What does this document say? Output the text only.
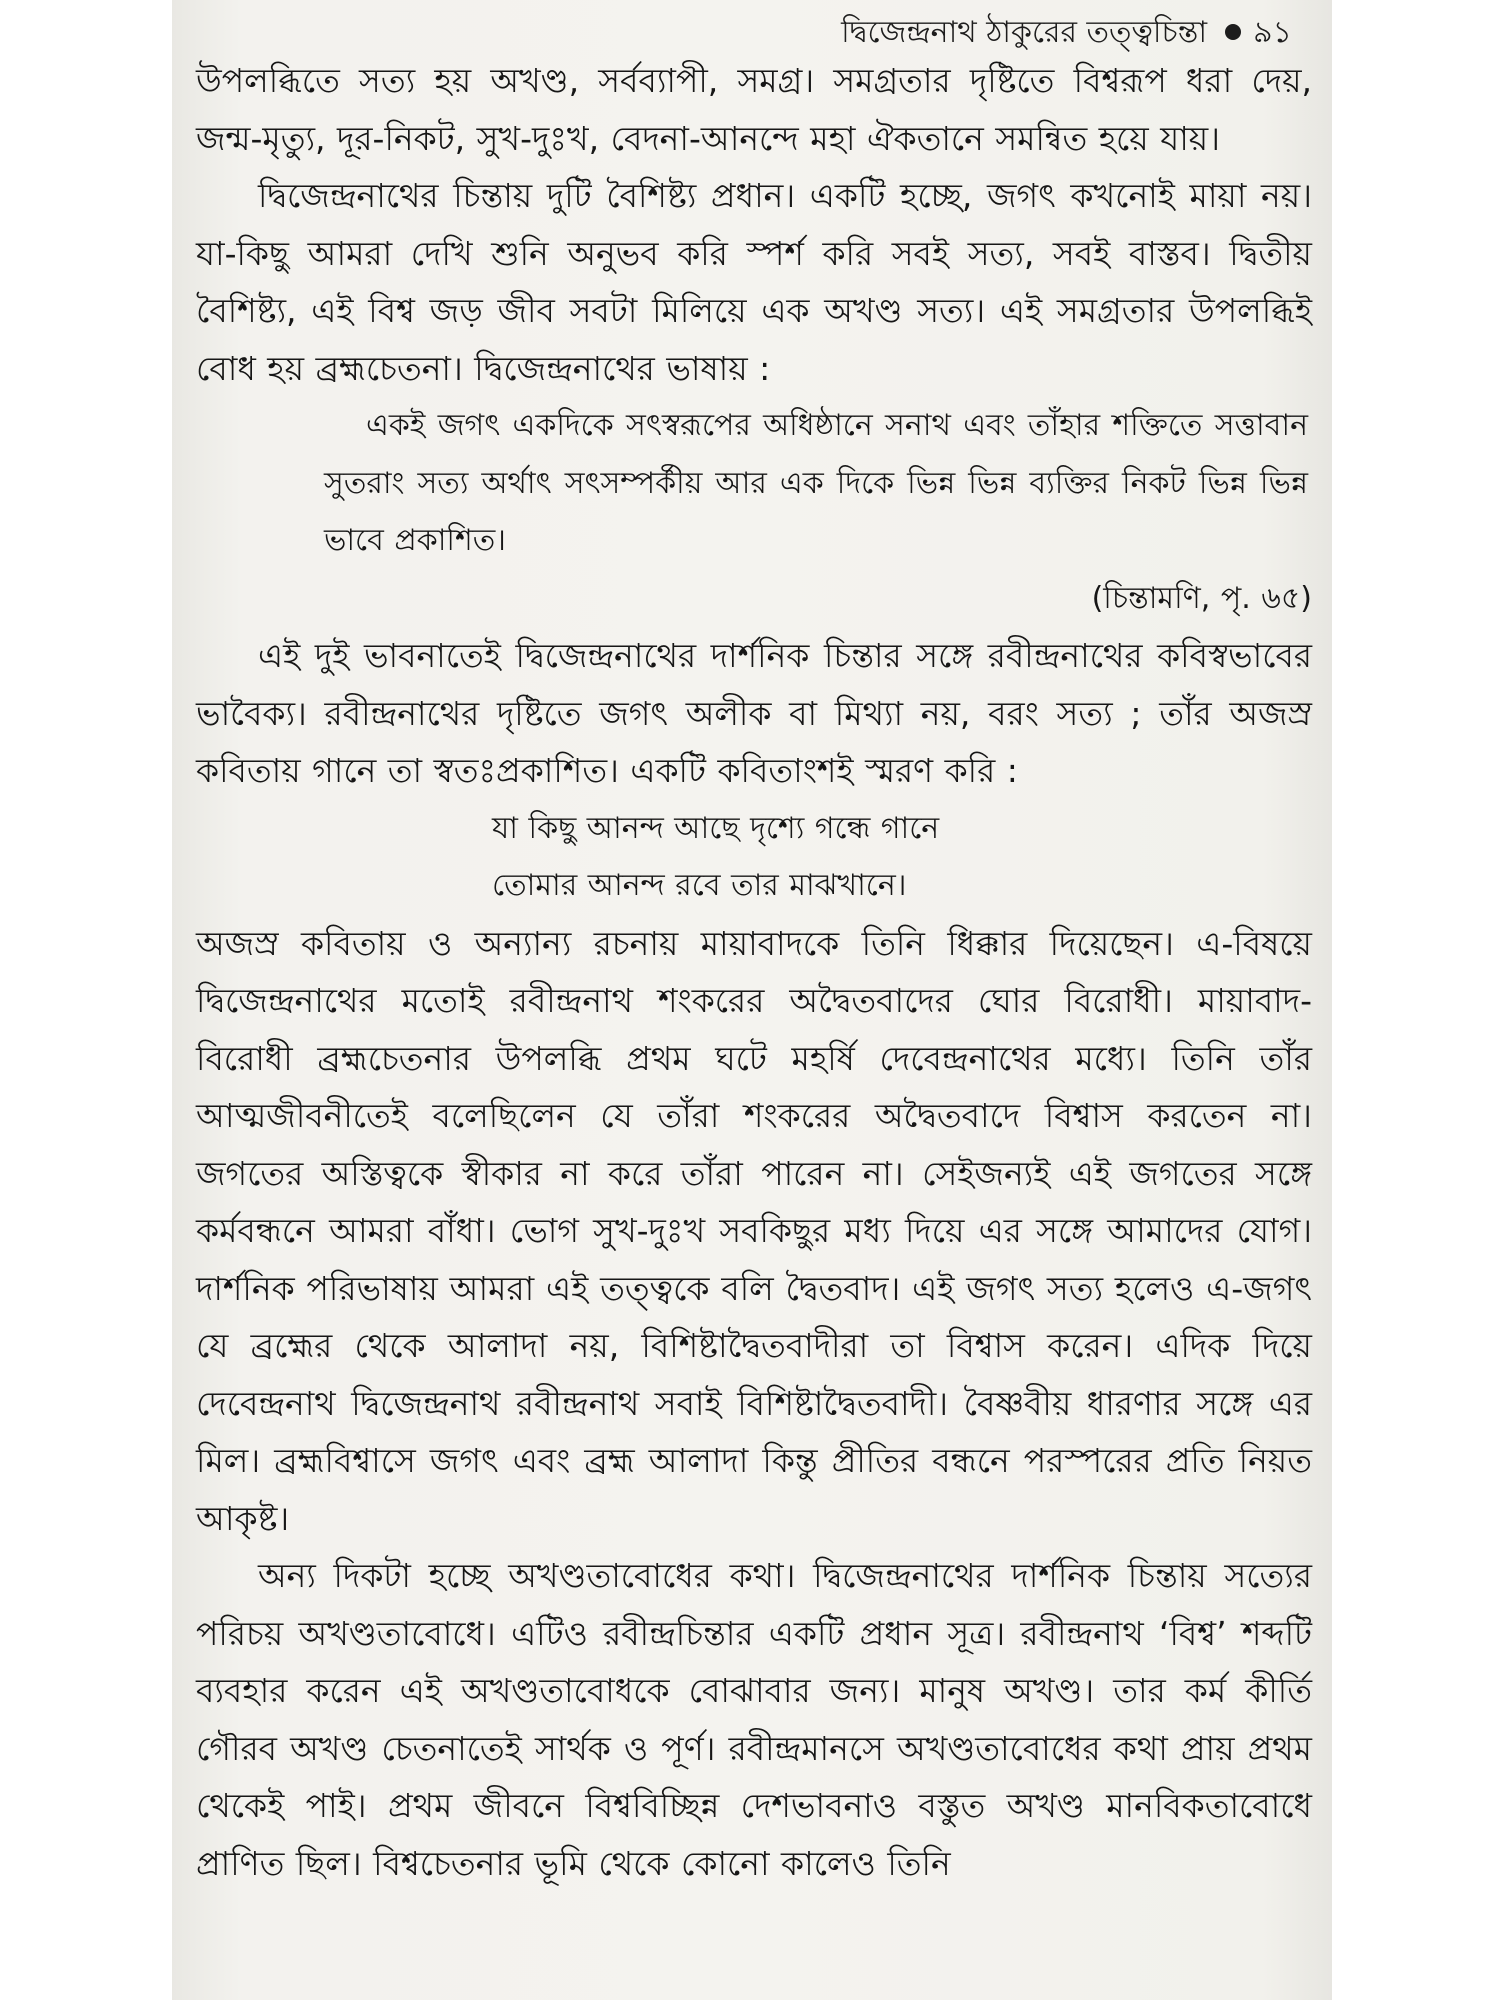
দ্বিজেন্দ্রনাথ ঠাকুরের তত্ত্বচিন্তা ৯১

উপলব্ধিতে সত্য হয় অখণ্ড, সর্বব্যাপী, সমগ্র। সমগ্রতার দৃষ্টিতে বিশ্বরূপ ধরা দেয়, জন্ম-মৃত্যু, দূর-নিকট, সুখ-দুঃখ, বেদনা-আনন্দে মহা ঐকতানে সমন্বিত হয়ে যায়।

দ্বিজেন্দ্রনাথের চিন্তায় দুটি বৈশিষ্ট্য প্রধান। একটি হচ্ছে, জগৎ কখনোই মায়া নয়। যা-কিছু আমরা দেখি শুনি অনুভব করি স্পর্শ করি সবই সত্য, সবই বাস্তব। দ্বিতীয় বৈশিষ্ট্য, এই বিশ্ব জড় জীব সবটা মিলিয়ে এক অখণ্ড সত্য। এই সমগ্রতার উপলব্ধিই বোধ হয় ব্রহ্মচেতনা। দ্বিজেন্দ্রনাথের ভাষায় :

একই জগৎ একদিকে সৎস্বরূপের অধিষ্ঠানে সনাথ এবং তাঁহার শক্তিতে সত্তাবান সুতরাং সত্য অর্থাৎ সৎসম্পর্কীয় আর এক দিকে ভিন্ন ভিন্ন ব্যক্তির নিকট ভিন্ন ভিন্ন ভাবে প্রকাশিত।

(চিন্তামণি, পৃ. ৬৫)

এই দুই ভাবনাতেই দ্বিজেন্দ্রনাথের দার্শনিক চিন্তার সঙ্গে রবীন্দ্রনাথের কবিস্বভাবের ভাবৈক্য। রবীন্দ্রনাথের দৃষ্টিতে জগৎ অলীক বা মিথ্যা নয়, বরং সত্য ; তাঁর অজস্র কবিতায় গানে তা স্বতঃপ্রকাশিত। একটি কবিতাংশই স্মরণ করি :

যা কিছু আনন্দ আছে দৃশ্যে গন্ধে গানে

তোমার আনন্দ রবে তার মাঝখানে।

অজস্র কবিতায় ও অন্যান্য রচনায় মায়াবাদকে তিনি ধিক্কার দিয়েছেন। এ-বিষয়ে দ্বিজেন্দ্রনাথের মতোই রবীন্দ্রনাথ শংকরের অদ্বৈতবাদের ঘোর বিরোধী। মায়াবাদ-বিরোধী ব্রহ্মচেতনার উপলব্ধি প্রথম ঘটে মহর্ষি দেবেন্দ্রনাথের মধ্যে। তিনি তাঁর আত্মজীবনীতেই বলেছিলেন যে তাঁরা শংকরের অদ্বৈতবাদে বিশ্বাস করতেন না। জগতের অস্তিত্বকে স্বীকার না করে তাঁরা পারেন না। সেইজন্যই এই জগতের সঙ্গে কর্মবন্ধনে আমরা বাঁধা। ভোগ সুখ-দুঃখ সবকিছুর মধ্য দিয়ে এর সঙ্গে আমাদের যোগ। দার্শনিক পরিভাষায় আমরা এই তত্ত্বকে বলি দ্বৈতবাদ। এই জগৎ সত্য হলেও এ-জগৎ যে ব্রহ্মের থেকে আলাদা নয়, বিশিষ্টাদ্বৈতবাদীরা তা বিশ্বাস করেন। এদিক দিয়ে দেবেন্দ্রনাথ দ্বিজেন্দ্রনাথ রবীন্দ্রনাথ সবাই বিশিষ্টাদ্বৈতবাদী। বৈষ্ণবীয় ধারণার সঙ্গে এর মিল। ব্রহ্মবিশ্বাসে জগৎ এবং ব্রহ্ম আলাদা কিন্তু প্রীতির বন্ধনে পরস্পরের প্রতি নিয়ত আকৃষ্ট।

অন্য দিকটা হচ্ছে অখণ্ডতাবোধের কথা। দ্বিজেন্দ্রনাথের দার্শনিক চিন্তায় সত্যের পরিচয় অখণ্ডতাবোধে। এটিও রবীন্দ্রচিন্তার একটি প্রধান সূত্র। রবীন্দ্রনাথ ‘বিশ্ব’ শব্দটি ব্যবহার করেন এই অখণ্ডতাবোধকে বোঝাবার জন্য। মানুষ অখণ্ড। তার কর্ম কীর্তি গৌরব অখণ্ড চেতনাতেই সার্থক ও পূর্ণ। রবীন্দ্রমানসে অখণ্ডতাবোধের কথা প্রায় প্রথম থেকেই পাই। প্রথম জীবনে বিশ্ববিচ্ছিন্ন দেশভাবনাও বস্তুত অখণ্ড মানবিকতাবোধে প্রাণিত ছিল। বিশ্বচেতনার ভূমি থেকে কোনো কালেও তিনি
